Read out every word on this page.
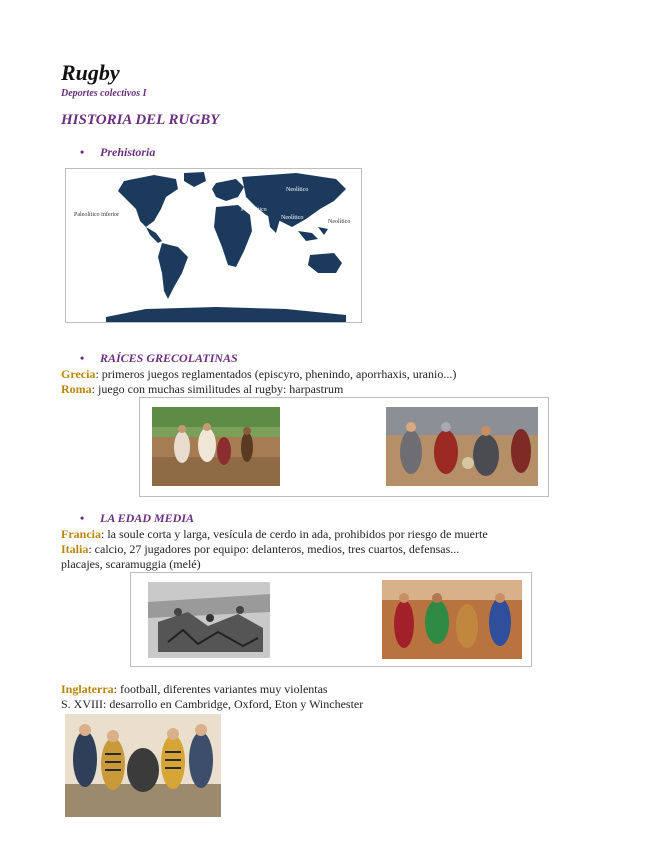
Rugby
Deportes colectivos I
HISTORIA DEL RUGBY
• Prehistoria
Paleolítico inferior
Neolítico
Paleolítico
Neolítico
Neolítico
• RAÍCES GRECOLATINAS
Grecia: primeros juegos reglamentados (episcyro, phenindo, aporrhaxis, uranio...)
Roma: juego con muchas similitudes al rugby: harpastrum
• LA EDAD MEDIA
Francia: la soule corta y larga, vesícula de cerdo in ada, prohibidos por riesgo de muerte
Italia: calcio, 27 jugadores por equipo: delanteros, medios, tres cuartos, defensas...
placajes, scaramuggia (melé)
Inglaterra: football, diferentes variantes muy violentas
S. XVIII: desarrollo en Cambridge, Oxford, Eton y Winchester
